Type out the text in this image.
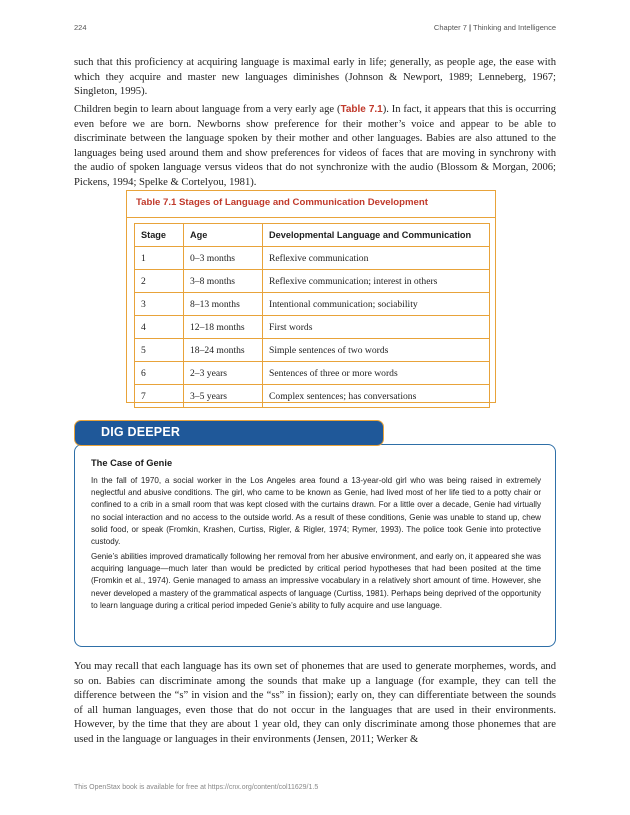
224	Chapter 7 | Thinking and Intelligence

such that this proficiency at acquiring language is maximal early in life; generally, as people age, the ease with which they acquire and master new languages diminishes (Johnson & Newport, 1989; Lenneberg, 1967; Singleton, 1995).

Children begin to learn about language from a very early age (Table 7.1). In fact, it appears that this is occurring even before we are born. Newborns show preference for their mother’s voice and appear to be able to discriminate between the language spoken by their mother and other languages. Babies are also attuned to the languages being used around them and show preferences for videos of faces that are moving in synchrony with the audio of spoken language versus videos that do not synchronize with the audio (Blossom & Morgan, 2006; Pickens, 1994; Spelke & Cortelyou, 1981).

Table 7.1 Stages of Language and Communication Development
Stage	Age	Developmental Language and Communication
1	0–3 months	Reflexive communication
2	3–8 months	Reflexive communication; interest in others
3	8–13 months	Intentional communication; sociability
4	12–18 months	First words
5	18–24 months	Simple sentences of two words
6	2–3 years	Sentences of three or more words
7	3–5 years	Complex sentences; has conversations
DIG DEEPER
The Case of Genie

In the fall of 1970, a social worker in the Los Angeles area found a 13-year-old girl who was being raised in extremely neglectful and abusive conditions. The girl, who came to be known as Genie, had lived most of her life tied to a potty chair or confined to a crib in a small room that was kept closed with the curtains drawn. For a little over a decade, Genie had virtually no social interaction and no access to the outside world. As a result of these conditions, Genie was unable to stand up, chew solid food, or speak (Fromkin, Krashen, Curtiss, Rigler, & Rigler, 1974; Rymer, 1993). The police took Genie into protective custody.

Genie’s abilities improved dramatically following her removal from her abusive environment, and early on, it appeared she was acquiring language—much later than would be predicted by critical period hypotheses that had been posited at the time (Fromkin et al., 1974). Genie managed to amass an impressive vocabulary in a relatively short amount of time. However, she never developed a mastery of the grammatical aspects of language (Curtiss, 1981). Perhaps being deprived of the opportunity to learn language during a critical period impeded Genie’s ability to fully acquire and use language.

You may recall that each language has its own set of phonemes that are used to generate morphemes, words, and so on. Babies can discriminate among the sounds that make up a language (for example, they can tell the difference between the “s” in vision and the “ss” in fission); early on, they can differentiate between the sounds of all human languages, even those that do not occur in the languages that are used in their environments. However, by the time that they are about 1 year old, they can only discriminate among those phonemes that are used in the language or languages in their environments (Jensen, 2011; Werker &

This OpenStax book is available for free at https://cnx.org/content/col11629/1.5
